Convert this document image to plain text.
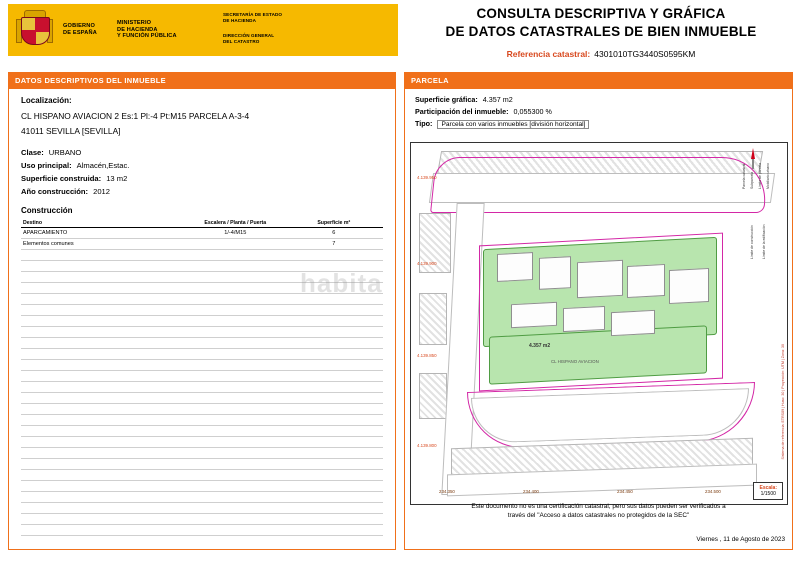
GOBIERNO
DE ESPAÑA
MINISTERIO
DE HACIENDA
Y FUNCIÓN PÚBLICA
SECRETARÍA DE ESTADO
DE HACIENDA
DIRECCIÓN GENERAL
DEL CATASTRO
CONSULTA DESCRIPTIVA Y GRÁFICA
DE DATOS CATASTRALES DE BIEN INMUEBLE
Referencia catastral: 4301010TG3440S0595KM
DATOS DESCRIPTIVOS DEL INMUEBLE
Localización:
CL HISPANO AVIACION 2 Es:1 Pl:-4 Pt:M15 PARCELA A-3-4
41011 SEVILLA [SEVILLA]
Clase: URBANO
Uso principal: Almacén,Estac.
Superficie construida: 13 m2
Año construcción: 2012
Construcción
Destino	Escalera / Planta / Puerta	Superficie m²
APARCAMIENTO	1/-4/M15	6
Elementos comunes		7

habita
PARCELA
Superficie gráfica: 4.357 m2
Participación del inmueble: 0,055300 %
Tipo: Parcela con varios inmuebles [división horizontal]
4.139.950
4.139.900
4.139.850
4.139.800
234.350	234.400	234.450	234.500
4.357 m2
CL HISPANO AVIACION
Parcela catastral Subparcela Límite de parcela Mobiliario urbano
Límite de construcción Límite de la edificación
Sistema de referencia: ETRS89 | Huso: 30 | Proyección: UTM | Zona: 30
Escala:
1/1500
Este documento no es una certificación catastral, pero sus datos pueden ser verificados a
través del "Acceso a datos catastrales no protegidos de la SEC"
Viernes , 11 de Agosto de 2023
